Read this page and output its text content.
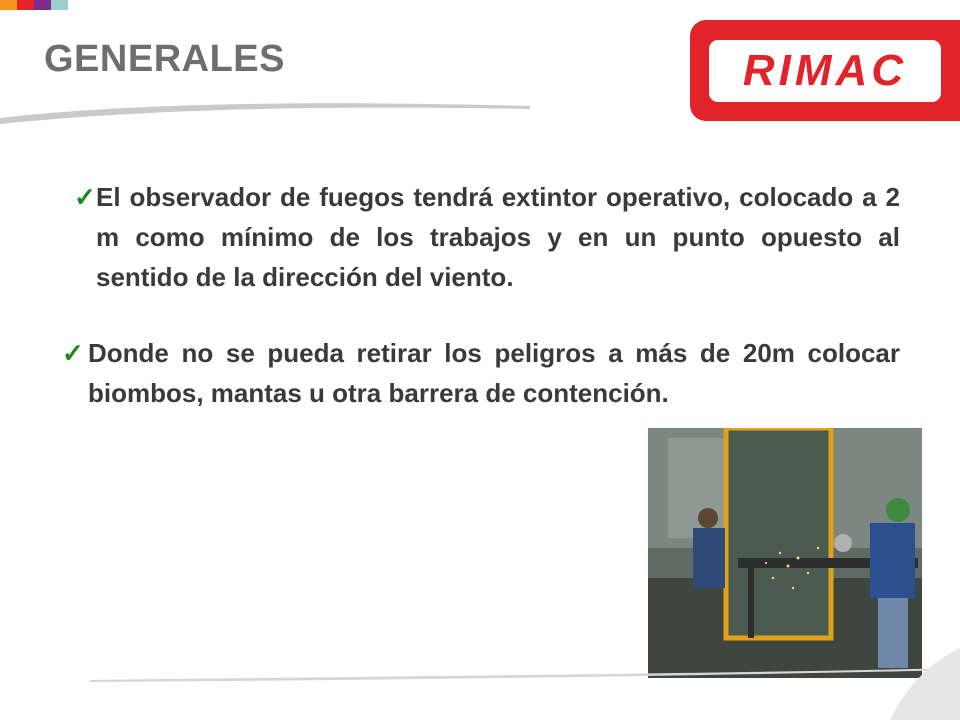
GENERALES	RIMAC
✓ El observador de fuegos tendrá extintor operativo, colocado a 2 m como mínimo de los trabajos y en un punto opuesto al sentido de la dirección del viento.
✓ Donde no se pueda retirar los peligros a más de 20m colocar biombos, mantas u otra barrera de contención.
